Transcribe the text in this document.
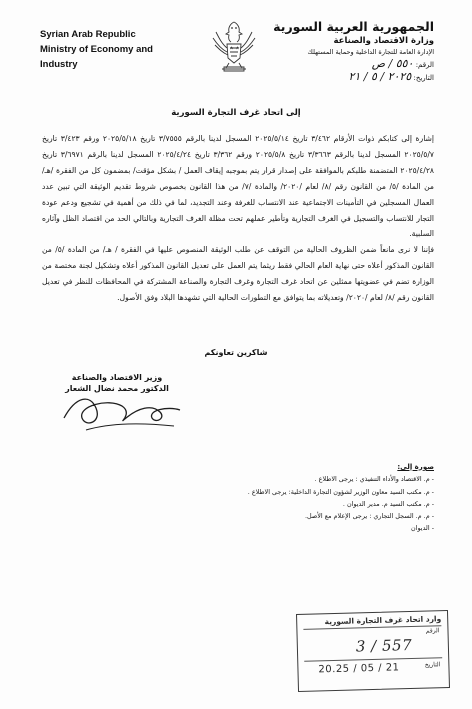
Syrian Arab Republic
Ministry of Economy and
Industry
الجمهورية العربية السورية
وزارة الاقتصاد والصناعة
الإدارة العامة للتجارة الداخلية وحماية المستهلك
الرقم: ٥٥٠ / ص
التاريخ: ٢٠٢٥ / ٥ / ٢١
إلى اتحاد غرف التجارة السورية

إشارة إلى كتابكم ذوات الأرقام ٣/٤٦٢ تاريخ ٢٠٢٥/٥/١٤ المسجل لدينا بالرقم ٣/٧٥٥٥ تاريخ ٢٠٢٥/٥/١٨ ورقم ٣/٤٢٣ تاريخ ٢٠٢٥/٥/٧ المسجل لدينا بالرقم ٣/٣٦٦٣ تاريخ ٢٠٢٥/٥/٨ ورقم ٣/٣٦٢ تاريخ ٢٠٢٥/٤/٢٤ المسجل لدينا بالرقم ٣/٦٩٧١ تاريخ ٢٠٢٥/٤/٢٨ المتضمنة طلبكم بالموافقة على إصدار قرار يتم بموجبه إيقاف العمل / بشكل مؤقت/ بمضمون كل من الفقرة /هـ/ من المادة /٥/ من القانون رقم /٨/ لعام /٢٠٢٠/ والمادة /٧/ من هذا القانون بخصوص شروط تقديم الوثيقة التي تبين عدد العمال المسجلين في التأمينات الاجتماعية عند الانتساب للغرفة وعند التجديد، لما في ذلك من أهمية في تشجيع ودعم عودة التجار للانتساب والتسجيل في الغرف التجارية وتأطير عملهم تحت مظلة الغرف التجارية وبالتالي الحد من اقتصاد الظل وآثاره السلبية.

فإننا لا نرى مانعاً ضمن الظروف الحالية من التوقف عن طلب الوثيقة المنصوص عليها في الفقرة / هـ/ من المادة /٥/ من القانون المذكور أعلاه حتى نهاية العام الحالي فقط ريثما يتم العمل على تعديل القانون المذكور أعلاه وتشكيل لجنة مختصة من الوزارة تضم في عضويتها ممثلين عن اتحاد غرف التجارة وغرف التجارة والصناعة المشتركة في المحافظات للنظر في تعديل القانون رقم /٨/ لعام /٢٠٢٠/ وتعديلاته بما يتوافق مع التطورات الحالية التي تشهدها البلاد وفق الأصول.

شاكرين تعاونكم
وزير الاقتصاد والصناعة
الدكتور محمد نضال الشعار
صورة إلى:
- م. الاقتصاد والأداء التنفيذي : يرجى الاطلاع .
- م. مكتب السيد معاون الوزير لشؤون التجارة الداخلية: يرجى الاطلاع .
- م. مكتب السيد م. مدير الديوان .
- م. م. السجل التجاري : يرجى الإعلام مع الأصل.
- الديوان
وارد اتحاد غرف التجارة السورية
الرقم
3 / 557
التاريخ
20.25 / 05 / 21
